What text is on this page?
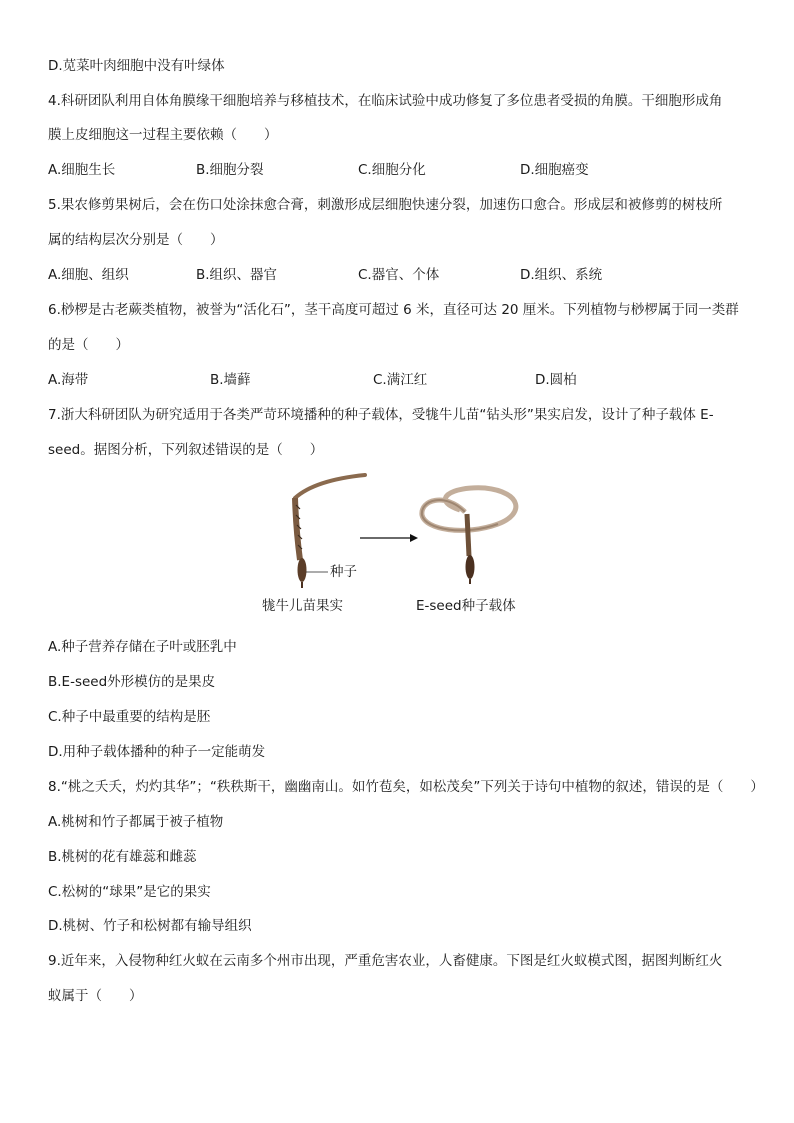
D.苋菜叶肉细胞中没有叶绿体
4.科研团队利用自体角膜缘干细胞培养与移植技术，在临床试验中成功修复了多位患者受损的角膜。干细胞形成角
膜上皮细胞这一过程主要依赖（　　）
A.细胞生长	B.细胞分裂	C.细胞分化	D.细胞癌变
5.果农修剪果树后，会在伤口处涂抹愈合膏，刺激形成层细胞快速分裂，加速伤口愈合。形成层和被修剪的树枝所
属的结构层次分别是（　　）
A.细胞、组织	B.组织、器官	C.器官、个体	D.组织、系统
6.桫椤是古老蕨类植物，被誉为“活化石”，茎干高度可超过 6 米，直径可达 20 厘米。下列植物与桫椤属于同一类群
的是（　　）
A.海带	B.墙藓	C.满江红	D.圆柏
7.浙大科研团队为研究适用于各类严苛环境播种的种子载体，受牻牛儿苗“钻头形”果实启发，设计了种子载体 E-
seed。据图分析，下列叙述错误的是（　　）
种子
牻牛儿苗果实	E-seed种子载体
A.种子营养存储在子叶或胚乳中
B.E-seed外形模仿的是果皮
C.种子中最重要的结构是胚
D.用种子载体播种的种子一定能萌发
8.“桃之夭夭，灼灼其华”；“秩秩斯干，幽幽南山。如竹苞矣，如松茂矣”下列关于诗句中植物的叙述，错误的是（　　）
A.桃树和竹子都属于被子植物
B.桃树的花有雄蕊和雌蕊
C.松树的“球果”是它的果实
D.桃树、竹子和松树都有输导组织
9.近年来，入侵物种红火蚁在云南多个州市出现，严重危害农业，人畜健康。下图是红火蚁模式图，据图判断红火
蚁属于（　　）
